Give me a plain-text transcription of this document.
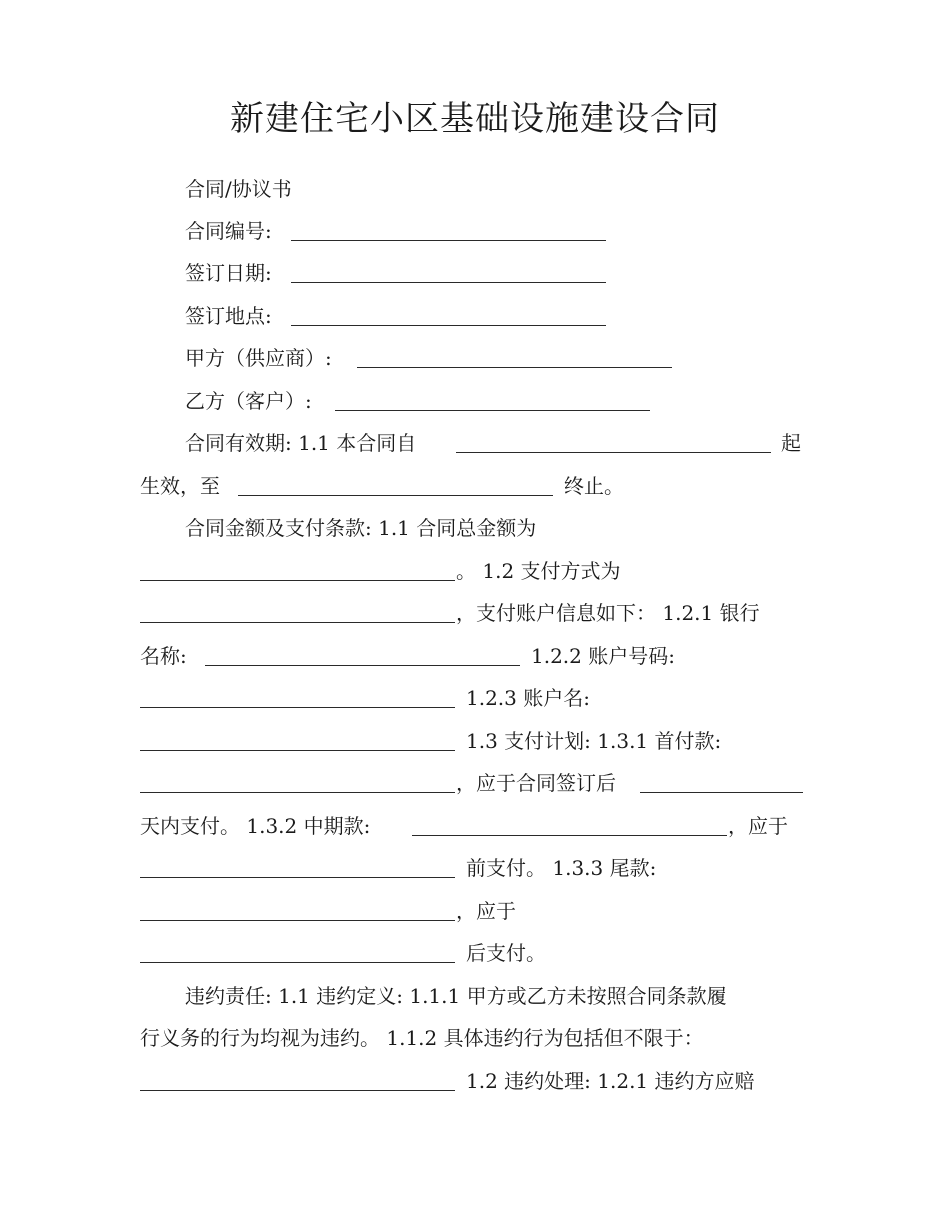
新建住宅小区基础设施建设合同
合同/协议书
合同编号:
签订日期:
签订地点:
甲方（供应商）:
乙方（客户）:
合同有效期: 1.1 本合同自	起
生效，至	终止。
合同金额及支付条款: 1.1 合同总金额为
。 1.2 支付方式为
，支付账户信息如下： 1.2.1 银行
名称:	1.2.2 账户号码:
1.2.3 账户名:
1.3 支付计划: 1.3.1 首付款:
，应于合同签订后
天内支付。 1.3.2 中期款:	，应于
前支付。 1.3.3 尾款:
，应于
后支付。
违约责任: 1.1 违约定义: 1.1.1 甲方或乙方未按照合同条款履
行义务的行为均视为违约。 1.1.2 具体违约行为包括但不限于：
1.2 违约处理: 1.2.1 违约方应赔
